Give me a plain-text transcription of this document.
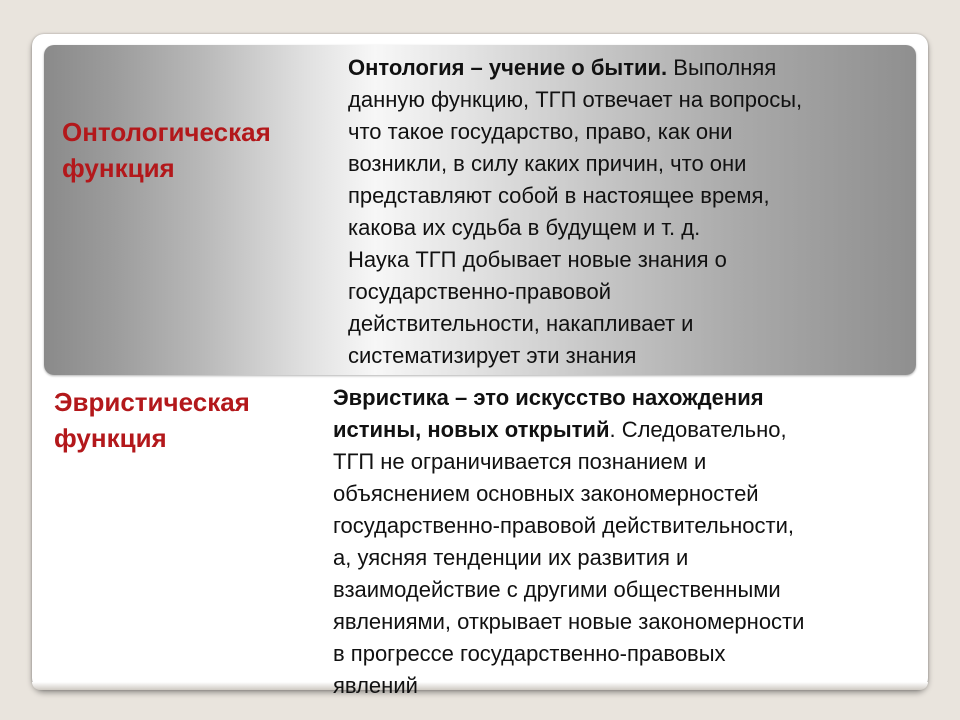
Онтологическая
функция

Онтология – учение о бытии. Выполняя
данную функцию, ТГП отвечает на вопросы,
что такое государство, право, как они
возникли, в силу каких причин, что они
представляют собой в настоящее время,
какова их судьба в будущем и т. д.
Наука ТГП добывает новые знания о
государственно-правовой
действительности, накапливает и
систематизирует эти знания

Эвристическая
функция

Эвристика – это искусство нахождения
истины, новых открытий. Следовательно,
ТГП не ограничивается познанием и
объяснением основных закономерностей
государственно-правовой действительности,
а, уясняя тенденции их развития и
взаимодействие с другими общественными
явлениями, открывает новые закономерности
в прогрессе государственно-правовых
явлений
